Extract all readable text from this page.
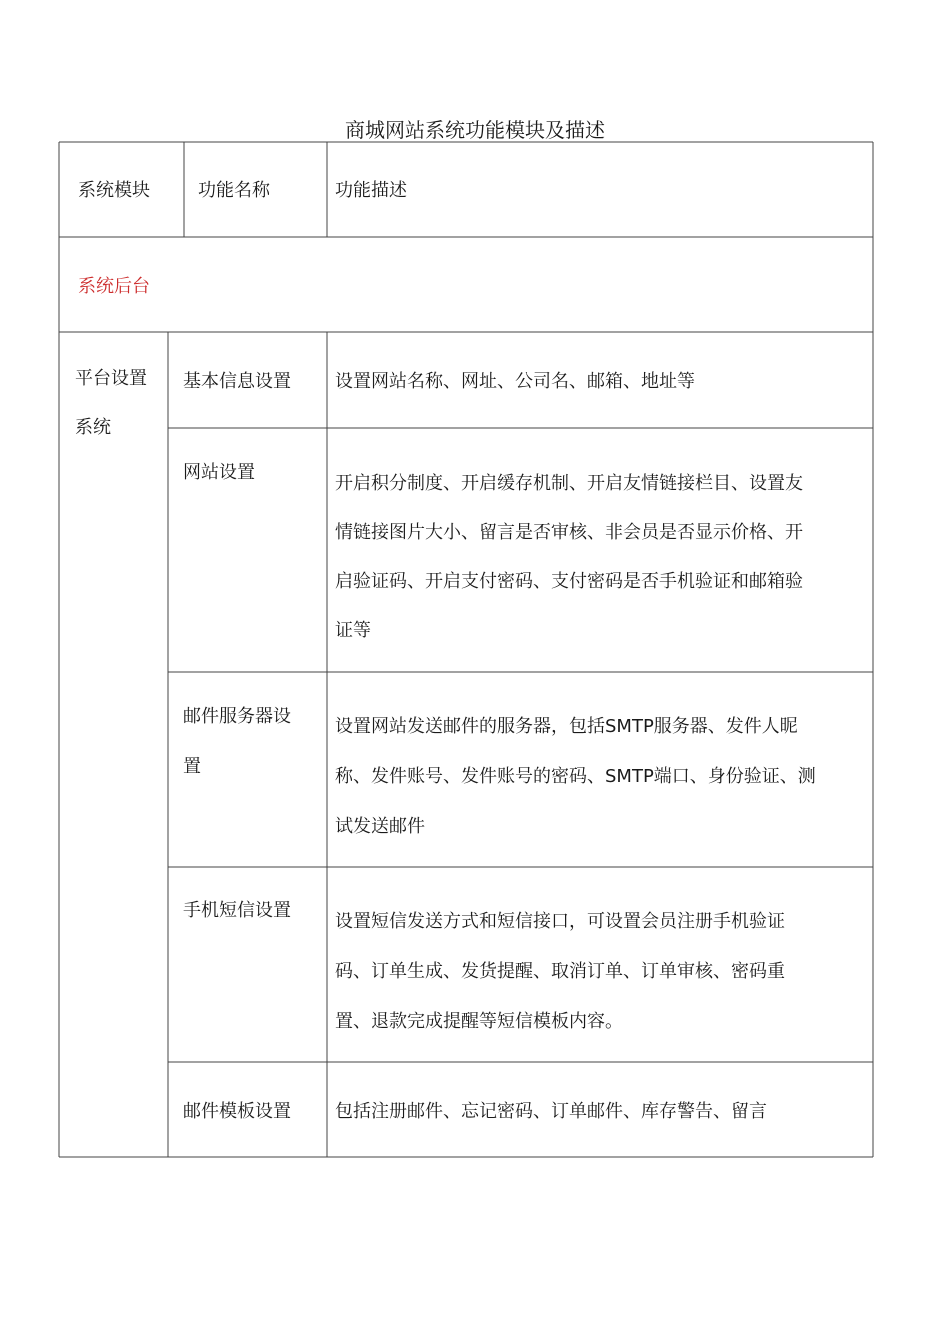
商城网站系统功能模块及描述
系统模块	功能名称	功能描述
系统后台
平台设置
系统
基本信息设置 设置网站名称、网址、公司名、邮箱、地址等
网站设置
开启积分制度、开启缓存机制、开启友情链接栏目、设置友
情链接图片大小、留言是否审核、非会员是否显示价格、开
启验证码、开启支付密码、支付密码是否手机验证和邮箱验
证等
邮件服务器设
置
设置网站发送邮件的服务器，包括SMTP服务器、发件人昵
称、发件账号、发件账号的密码、SMTP端口、身份验证、测
试发送邮件
手机短信设置
设置短信发送方式和短信接口，可设置会员注册手机验证
码、订单生成、发货提醒、取消订单、订单审核、密码重
置、退款完成提醒等短信模板内容。
邮件模板设置 包括注册邮件、忘记密码、订单邮件、库存警告、留言
